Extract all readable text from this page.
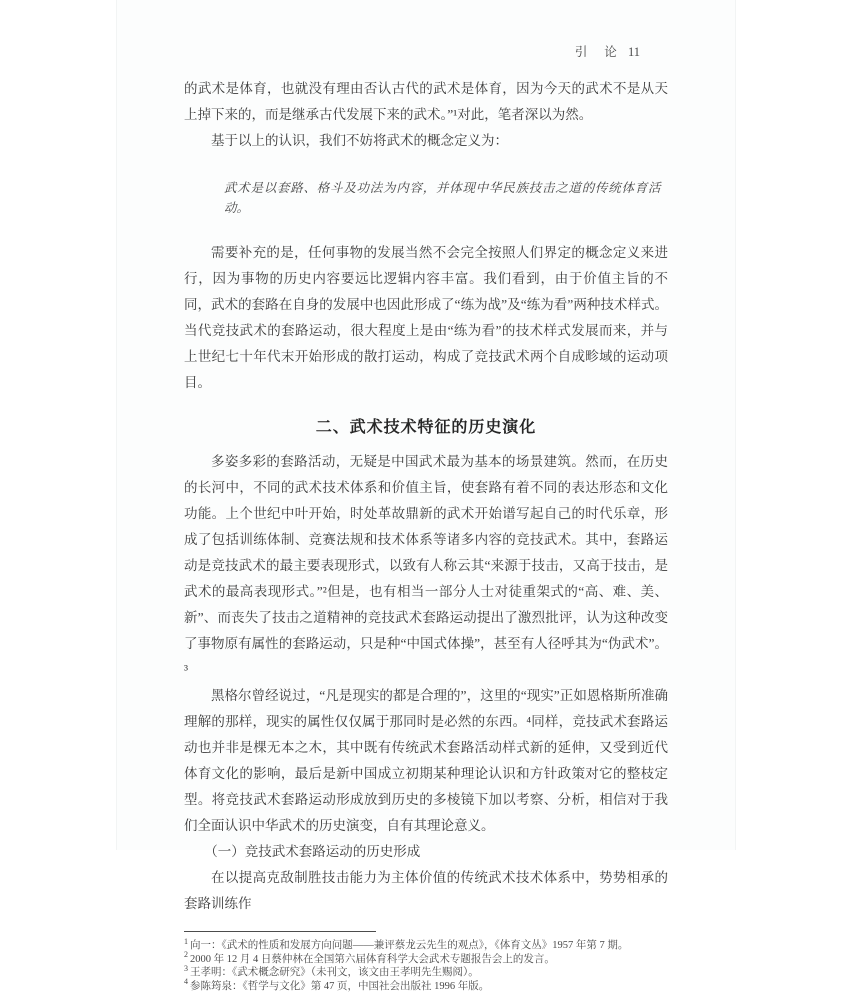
引 论 11

的武术是体育，也就没有理由否认古代的武术是体育，因为今天的武术不是从天上掉下来的，而是继承古代发展下来的武术。”¹对此，笔者深以为然。

基于以上的认识，我们不妨将武术的概念定义为：

武术是以套路、格斗及功法为内容，并体现中华民族技击之道的传统体育活动。

需要补充的是，任何事物的发展当然不会完全按照人们界定的概念定义来进行，因为事物的历史内容要远比逻辑内容丰富。我们看到，由于价值主旨的不同，武术的套路在自身的发展中也因此形成了“练为战”及“练为看”两种技术样式。当代竞技武术的套路运动，很大程度上是由“练为看”的技术样式发展而来，并与上世纪七十年代末开始形成的散打运动，构成了竞技武术两个自成畛域的运动项目。

二、武术技术特征的历史演化

多姿多彩的套路活动，无疑是中国武术最为基本的场景建筑。然而，在历史的长河中，不同的武术技术体系和价值主旨，使套路有着不同的表达形态和文化功能。上个世纪中叶开始，时处革故鼎新的武术开始谱写起自己的时代乐章，形成了包括训练体制、竞赛法规和技术体系等诸多内容的竞技武术。其中，套路运动是竞技武术的最主要表现形式，以致有人称云其“来源于技击，又高于技击，是武术的最高表现形式。”²但是，也有相当一部分人士对徒重架式的“高、难、美、新”、而丧失了技击之道精神的竞技武术套路运动提出了激烈批评，认为这种改变了事物原有属性的套路运动，只是种“中国式体操”，甚至有人径呼其为“伪武术”。³

黑格尔曾经说过，“凡是现实的都是合理的”，这里的“现实”正如恩格斯所准确理解的那样，现实的属性仅仅属于那同时是必然的东西。⁴同样，竞技武术套路运动也并非是棵无本之木，其中既有传统武术套路活动样式新的延伸，又受到近代体育文化的影响，最后是新中国成立初期某种理论认识和方针政策对它的整枝定型。将竞技武术套路运动形成放到历史的多棱镜下加以考察、分析，相信对于我们全面认识中华武术的历史演变，自有其理论意义。

（一）竞技武术套路运动的历史形成

在以提高克敌制胜技击能力为主体价值的传统武术技术体系中，势势相承的套路训练作

$^1$ 向一：《武术的性质和发展方向问题——兼评蔡龙云先生的观点》，《体育文丛》1957 年第 7 期。

$^2$ 2000 年 12 月 4 日蔡仲林在全国第六届体育科学大会武术专题报告会上的发言。

$^3$ 王孝明：《武术概念研究》（未刊文，该文由王孝明先生赐阅）。

$^4$ 参陈筠泉：《哲学与文化》第 47 页，中国社会出版社 1996 年版。
